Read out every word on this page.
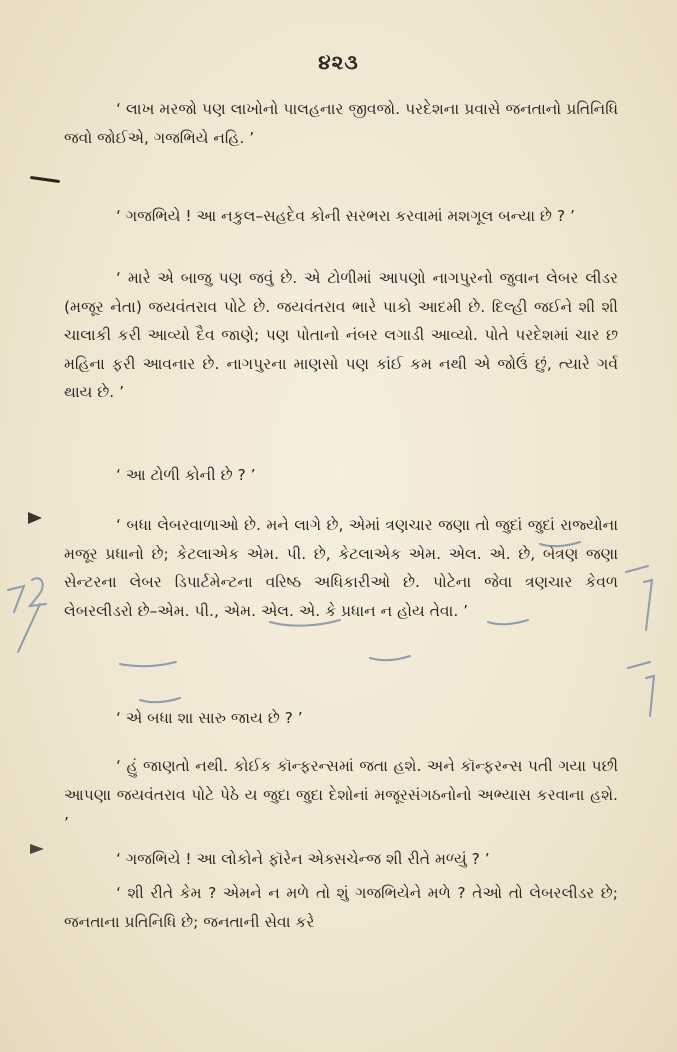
૪૨૩

‘ લાખ મરજો પણ લાખોનો પાલહનાર જીવજો. પરદેશના પ્રવાસે જનતાનો પ્રતિનિધિ જવો જોઈએ, ગજભિયે નહિ. ’

‘ ગજભિયે ! આ નકુલ–સહદેવ કોની સરભરા કરવામાં મશગૂલ બન્યા છે ? ’

‘ મારે એ બાજુ પણ જવું છે. એ ટોળીમાં આપણો નાગપુરનો જુવાન લેબર લીડર (મજૂર નેતા) જયવંતરાવ પોટે છે. જયવંતરાવ ભારે પાકો આદમી છે. દિલ્હી જઈને શી શી ચાલાકી કરી આવ્યો દૈવ જાણે; પણ પોતાનો નંબર લગાડી આવ્યો. પોતે પરદેશમાં ચાર છ મહિના ફરી આવનાર છે. નાગપુરના માણસો પણ કાંઈ કમ નથી એ જોઉં છું, ત્યારે ગર્વ થાય છે. ’

‘ આ ટોળી કોની છે ? ’

‘ બધા લેબરવાળાઓ છે. મને લાગે છે, એમાં ત્રણચાર જણા તો જુદાં જુદાં રાજ્યોના મજૂર પ્રધાનો છે; કેટલાએક એમ. પી. છે, કેટલાએક એમ. એલ. એ. છે, બેત્રણ જણા સેન્ટરના લેબર ડિપાર્ટમેન્ટના વરિષ્ઠ અધિકારીઓ છે. પોટેના જેવા ત્રણચાર કેવળ લેબરલીડરો છે–એમ. પી., એમ. એલ. એ. કે પ્રધાન ન હોય તેવા. ’

‘ એ બધા શા સારુ જાય છે ? ’

‘ હું જાણતો નથી. કોઈક કૉન્ફરન્સમાં જતા હશે. અને કૉન્ફરન્સ પતી ગયા પછી આપણા જયવંતરાવ પોટે પેઠે ય જુદા જુદા દેશોનાં મજૂરસંગઠનોનો અભ્યાસ કરવાના હશે. ’

‘ ગજભિયે ! આ લોકોને ફૉરેન એક્સચેન્જ શી રીતે મળ્યું ? ’

‘ શી રીતે કેમ ? એમને ન મળે તો શું ગજભિયેને મળે ? તેઓ તો લેબરલીડર છે; જનતાના પ્રતિનિધિ છે; જનતાની સેવા કરે
